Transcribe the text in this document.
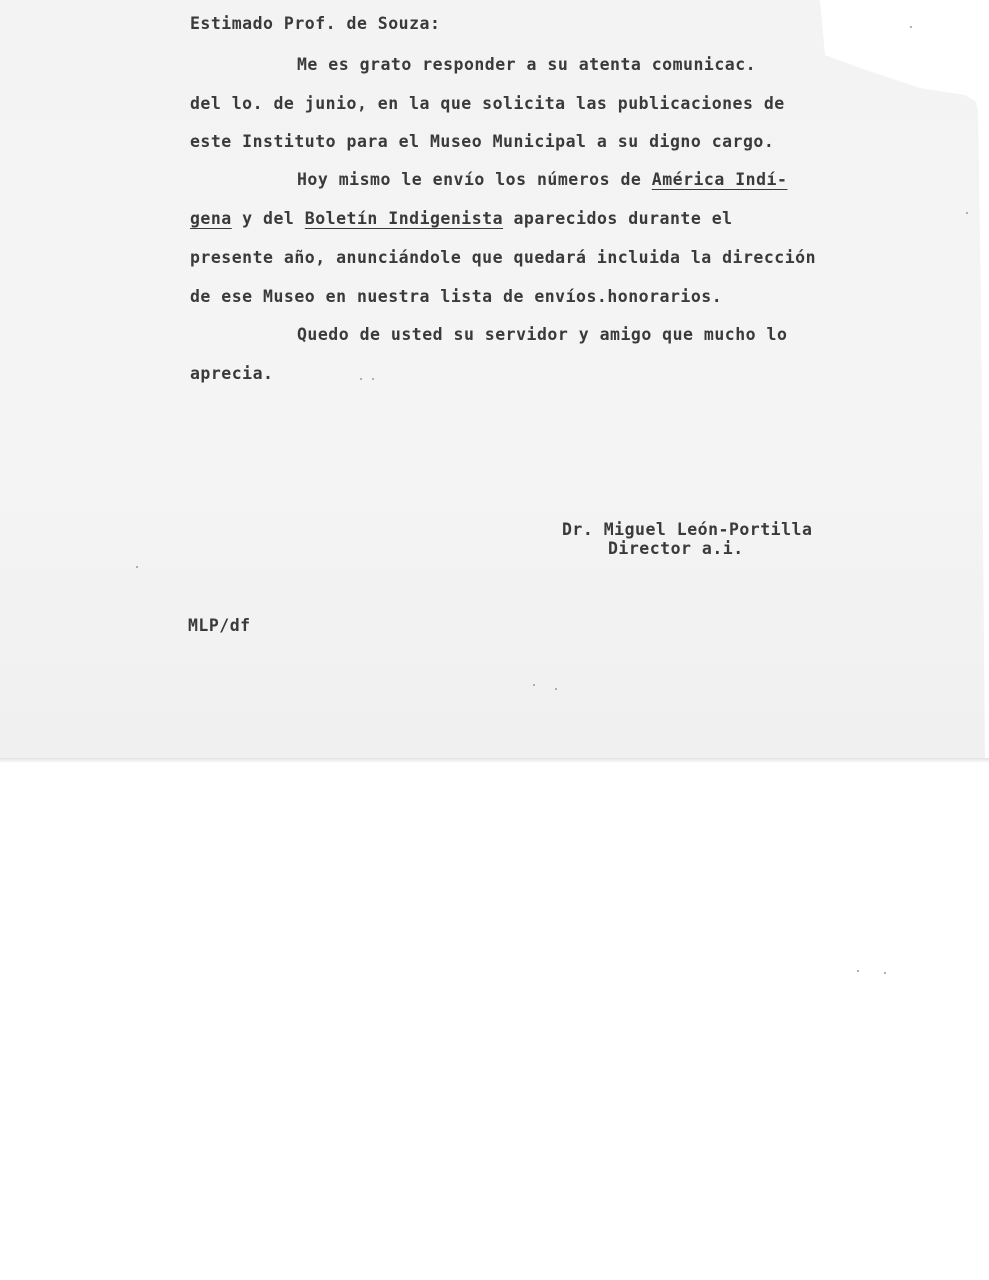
Estimado Prof. de Souza:
Me es grato responder a su atenta comunicac.
del lo. de junio, en la que solicita las publicaciones de
este Instituto para el Museo Municipal a su digno cargo.
Hoy mismo le envío los números de América Indí-
gena y del Boletín Indigenista aparecidos durante el
presente año, anunciándole que quedará incluida la dirección
de ese Museo en nuestra lista de envíos.honorarios.
Quedo de usted su servidor y amigo que mucho lo
aprecia.
Dr. Miguel León-Portilla
Director a.i.
MLP/df
